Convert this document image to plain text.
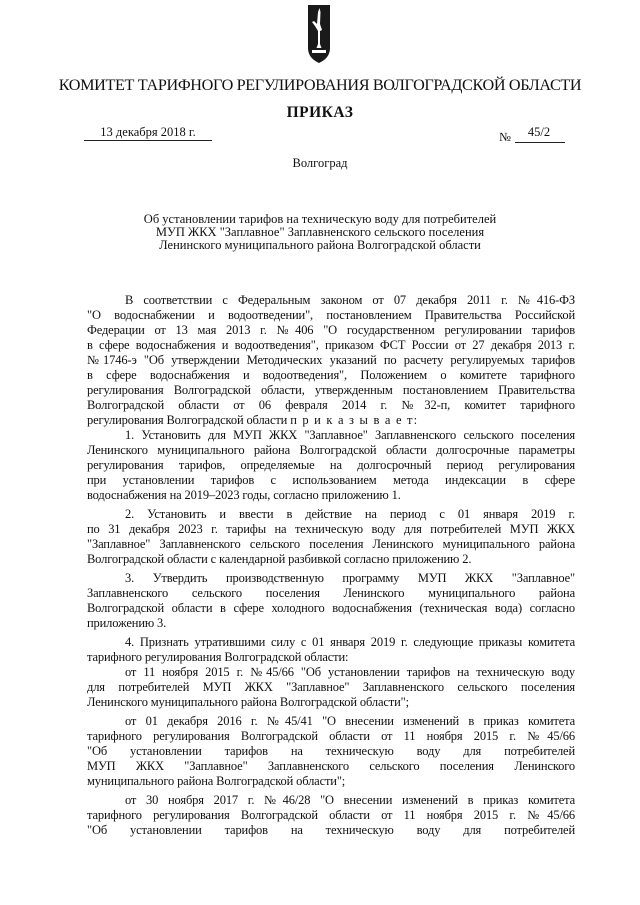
КОМИТЕТ ТАРИФНОГО РЕГУЛИРОВАНИЯ ВОЛГОГРАДСКОЙ ОБЛАСТИ
ПРИКАЗ
13 декабря 2018 г.	№	45/2
Волгоград
Об установлении тарифов на техническую воду для потребителей
МУП ЖКХ "Заплавное" Заплавненского сельского поселения
Ленинского муниципального района Волгоградской области
В соответствии с Федеральным законом от 07 декабря 2011 г. №416-ФЗ
"О водоснабжении и водоотведении", постановлением Правительства Российской
Федерации от 13 мая 2013 г. №406 "О государственном регулировании тарифов
в сфере водоснабжения и водоотведения", приказом ФСТ России от 27 декабря 2013 г.
№1746-э "Об утверждении Методических указаний по расчету регулируемых тарифов
в сфере водоснабжения и водоотведения", Положением о комитете тарифного
регулирования Волгоградской области, утвержденным постановлением Правительства
Волгоградской области от 06 февраля 2014 г. №32-п, комитет тарифного
регулирования Волгоградской области п р и к а з ы в а е т:
1. Установить для МУП ЖКХ "Заплавное" Заплавненского сельского поселения
Ленинского муниципального района Волгоградской области долгосрочные параметры
регулирования тарифов, определяемые на долгосрочный период регулирования
при установлении тарифов с использованием метода индексации в сфере
водоснабжения на 2019–2023 годы, согласно приложению 1.
2. Установить и ввести в действие на период с 01 января 2019 г.
по 31 декабря 2023 г. тарифы на техническую воду для потребителей МУП ЖКХ
"Заплавное" Заплавненского сельского поселения Ленинского муниципального района
Волгоградской области с календарной разбивкой согласно приложению 2.
3. Утвердить производственную программу МУП ЖКХ "Заплавное"
Заплавненского сельского поселения Ленинского муниципального района
Волгоградской области в сфере холодного водоснабжения (техническая вода) согласно
приложению 3.
4. Признать утратившими силу с 01 января 2019 г. следующие приказы комитета
тарифного регулирования Волгоградской области:
от 11 ноября 2015 г. №45/66 "Об установлении тарифов на техническую воду
для потребителей МУП ЖКХ "Заплавное" Заплавненского сельского поселения
Ленинского муниципального района Волгоградской области";
от 01 декабря 2016 г. №45/41 "О внесении изменений в приказ комитета
тарифного регулирования Волгоградской области от 11 ноября 2015 г. №45/66
"Об установлении тарифов на техническую воду для потребителей
МУП ЖКХ "Заплавное" Заплавненского сельского поселения Ленинского
муниципального района Волгоградской области";
от 30 ноября 2017 г. №46/28 "О внесении изменений в приказ комитета
тарифного регулирования Волгоградской области от 11 ноября 2015 г. №45/66
"Об установлении тарифов на техническую воду для потребителей
